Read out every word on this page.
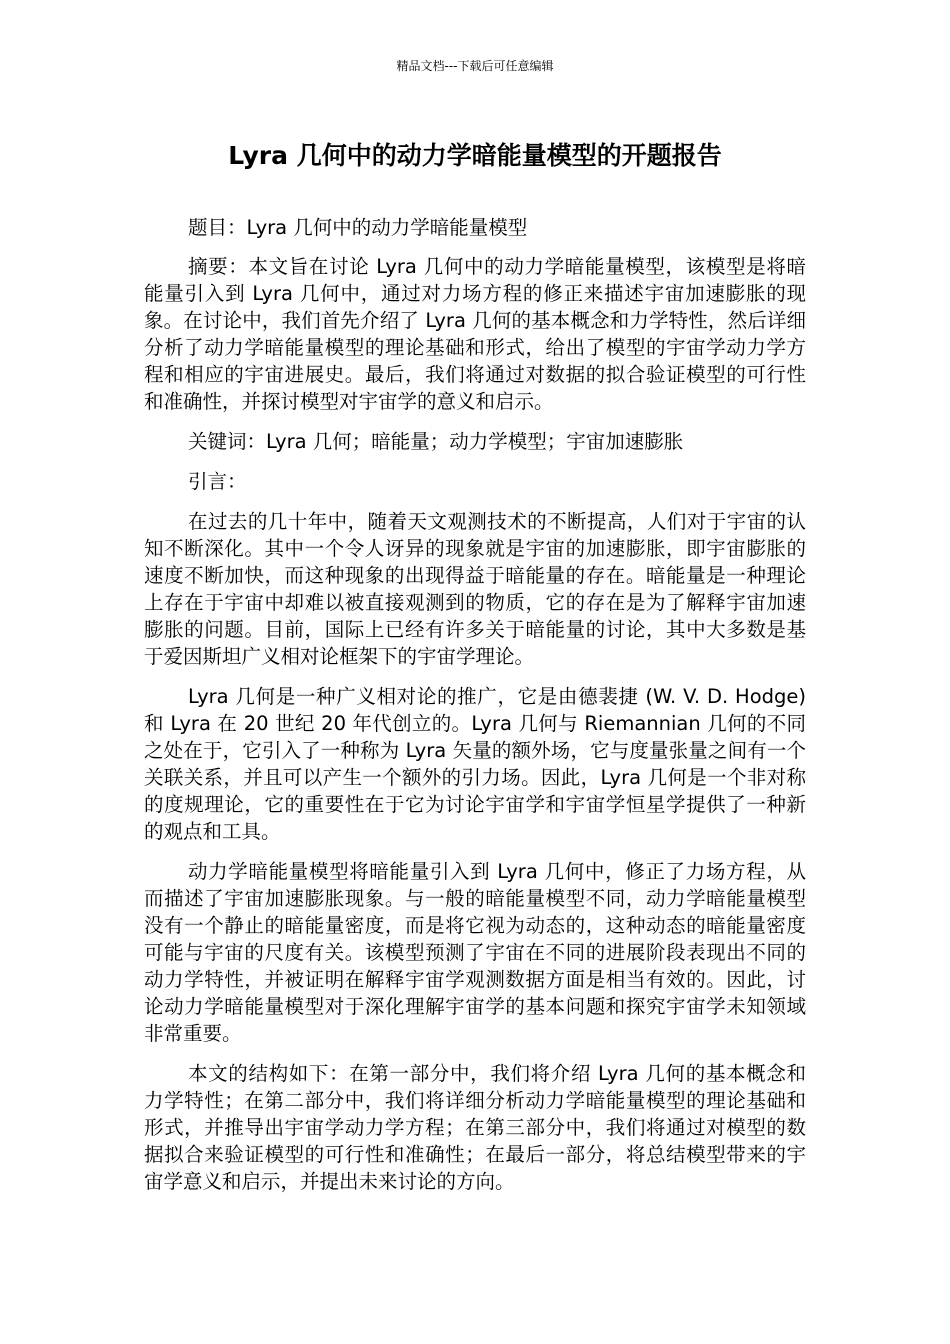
精品文档---下载后可任意编辑
Lyra 几何中的动力学暗能量模型的开题报告

题目：Lyra 几何中的动力学暗能量模型

摘要：本文旨在讨论 Lyra 几何中的动力学暗能量模型，该模型是将暗能量引入到 Lyra 几何中，通过对力场方程的修正来描述宇宙加速膨胀的现象。在讨论中，我们首先介绍了 Lyra 几何的基本概念和力学特性，然后详细分析了动力学暗能量模型的理论基础和形式，给出了模型的宇宙学动力学方程和相应的宇宙进展史。最后，我们将通过对数据的拟合验证模型的可行性和准确性，并探讨模型对宇宙学的意义和启示。

关键词：Lyra 几何；暗能量；动力学模型；宇宙加速膨胀

引言：

在过去的几十年中，随着天文观测技术的不断提高，人们对于宇宙的认知不断深化。其中一个令人讶异的现象就是宇宙的加速膨胀，即宇宙膨胀的速度不断加快，而这种现象的出现得益于暗能量的存在。暗能量是一种理论上存在于宇宙中却难以被直接观测到的物质，它的存在是为了解释宇宙加速膨胀的问题。目前，国际上已经有许多关于暗能量的讨论，其中大多数是基于爱因斯坦广义相对论框架下的宇宙学理论。

Lyra 几何是一种广义相对论的推广，它是由德裴捷 (W. V. D. Hodge) 和 Lyra 在 20 世纪 20 年代创立的。Lyra 几何与 Riemannian 几何的不同之处在于，它引入了一种称为 Lyra 矢量的额外场，它与度量张量之间有一个关联关系，并且可以产生一个额外的引力场。因此，Lyra 几何是一个非对称的度规理论，它的重要性在于它为讨论宇宙学和宇宙学恒星学提供了一种新的观点和工具。

动力学暗能量模型将暗能量引入到 Lyra 几何中，修正了力场方程，从而描述了宇宙加速膨胀现象。与一般的暗能量模型不同，动力学暗能量模型没有一个静止的暗能量密度，而是将它视为动态的，这种动态的暗能量密度可能与宇宙的尺度有关。该模型预测了宇宙在不同的进展阶段表现出不同的动力学特性，并被证明在解释宇宙学观测数据方面是相当有效的。因此，讨论动力学暗能量模型对于深化理解宇宙学的基本问题和探究宇宙学未知领域非常重要。

本文的结构如下：在第一部分中，我们将介绍 Lyra 几何的基本概念和力学特性；在第二部分中，我们将详细分析动力学暗能量模型的理论基础和形式，并推导出宇宙学动力学方程；在第三部分中，我们将通过对模型的数据拟合来验证模型的可行性和准确性；在最后一部分，将总结模型带来的宇宙学意义和启示，并提出未来讨论的方向。
